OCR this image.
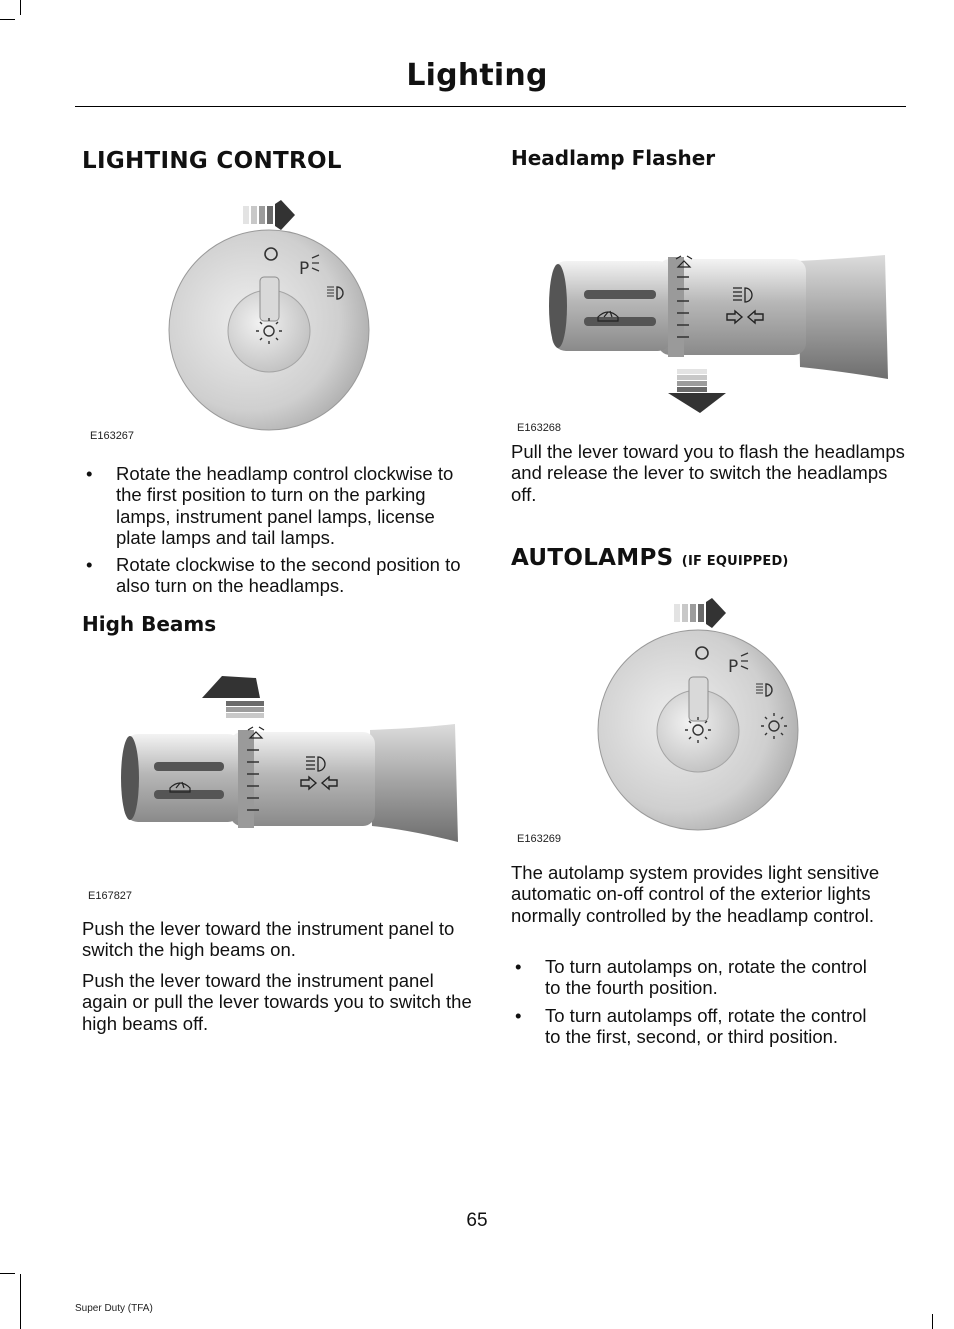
Lighting
LIGHTING CONTROL
P
E163267
• Rotate the headlamp control clockwise to the first position to turn on the parking lamps, instrument panel lamps, license plate lamps and tail lamps.
• Rotate clockwise to the second position to also turn on the headlamps.
High Beams
E167827

Push the lever toward the instrument panel to switch the high beams on.

Push the lever toward the instrument panel again or pull the lever towards you to switch the high beams off.

Headlamp Flasher
E163268

Pull the lever toward you to flash the headlamps and release the lever to switch the headlamps off.

AUTOLAMPS (IF EQUIPPED)
P
E163269

The autolamp system provides light sensitive automatic on-off control of the exterior lights normally controlled by the headlamp control.

• To turn autolamps on, rotate the control to the fourth position.
• To turn autolamps off, rotate the control to the first, second, or third position.
65
Super Duty (TFA)
